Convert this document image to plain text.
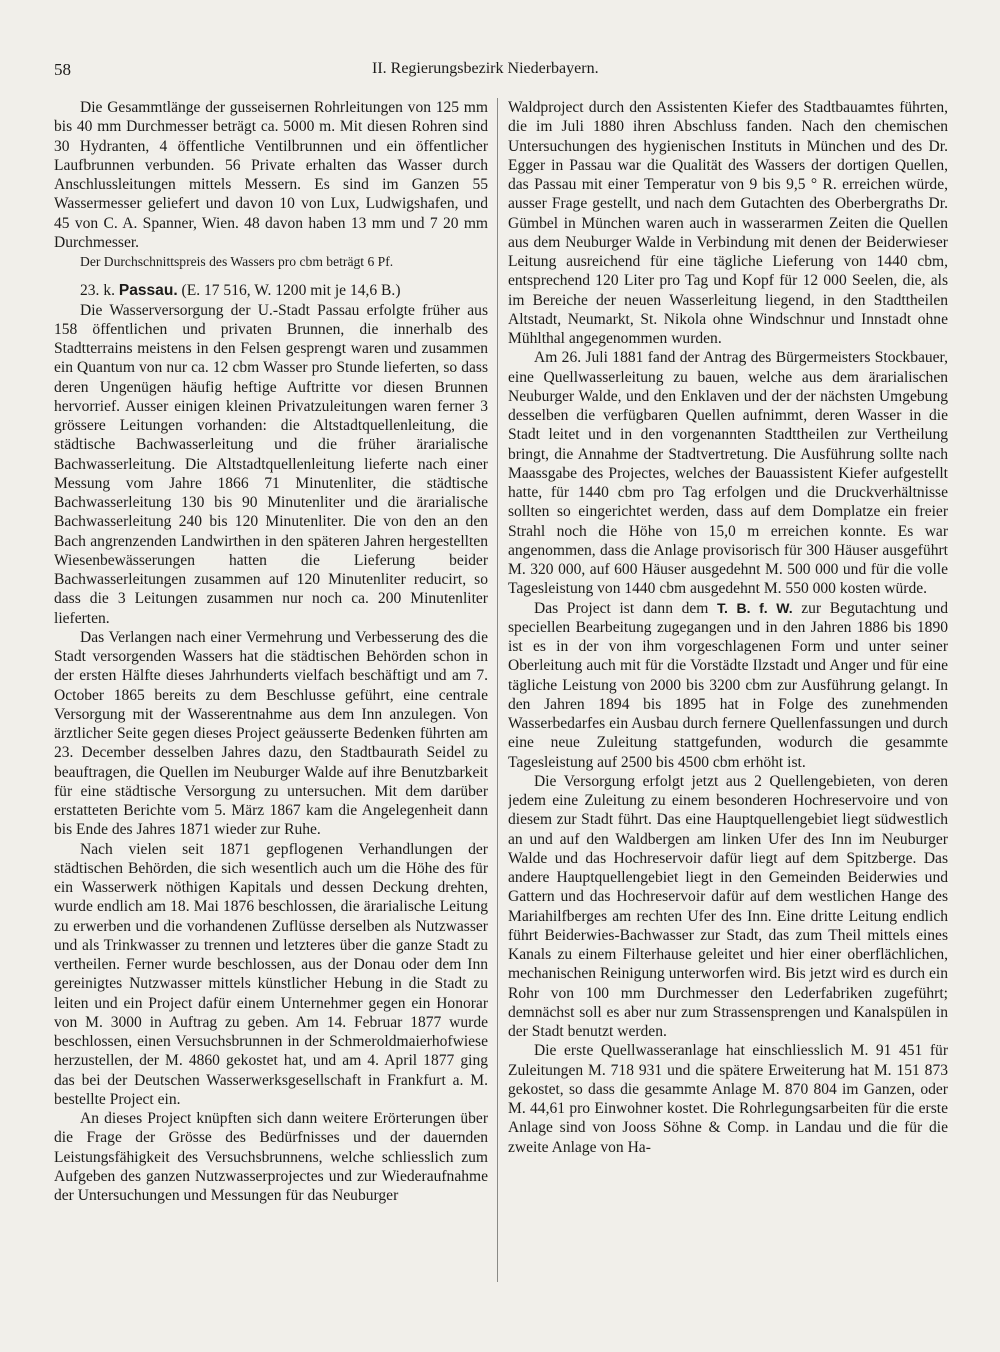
58	II. Regierungsbezirk Niederbayern.

Die Gesammtlänge der gusseisernen Rohrleitungen von 125 mm bis 40 mm Durchmesser beträgt ca. 5000 m. Mit diesen Rohren sind 30 Hydranten, 4 öffentliche Ventilbrunnen und ein öffentlicher Laufbrunnen verbunden. 56 Private erhalten das Wasser durch Anschlussleitungen mittels Messern. Es sind im Ganzen 55 Wassermesser geliefert und davon 10 von Lux, Ludwigshafen, und 45 von C. A. Spanner, Wien. 48 davon haben 13 mm und 7 20 mm Durchmesser.

Der Durchschnittspreis des Wassers pro cbm beträgt 6 Pf.

23. k. Passau. (E. 17 516, W. 1200 mit je 14,6 B.)

Die Wasserversorgung der U.-Stadt Passau erfolgte früher aus 158 öffentlichen und privaten Brunnen, die innerhalb des Stadtterrains meistens in den Felsen gesprengt waren und zusammen ein Quantum von nur ca. 12 cbm Wasser pro Stunde lieferten, so dass deren Ungenügen häufig heftige Auftritte vor diesen Brunnen hervorrief. Ausser einigen kleinen Privatzuleitungen waren ferner 3 grössere Leitungen vorhanden: die Altstadtquellenleitung, die städtische Bachwasserleitung und die früher ärarialische Bachwasserleitung. Die Altstadtquellenleitung lieferte nach einer Messung vom Jahre 1866 71 Minutenliter, die städtische Bachwasserleitung 130 bis 90 Minutenliter und die ärarialische Bachwasserleitung 240 bis 120 Minutenliter. Die von den an den Bach angrenzenden Landwirthen in den späteren Jahren hergestellten Wiesenbewässerungen hatten die Lieferung beider Bachwasserleitungen zusammen auf 120 Minutenliter reducirt, so dass die 3 Leitungen zusammen nur noch ca. 200 Minutenliter lieferten.

Das Verlangen nach einer Vermehrung und Verbesserung des die Stadt versorgenden Wassers hat die städtischen Behörden schon in der ersten Hälfte dieses Jahrhunderts vielfach beschäftigt und am 7. October 1865 bereits zu dem Beschlusse geführt, eine centrale Versorgung mit der Wasserentnahme aus dem Inn anzulegen. Von ärztlicher Seite gegen dieses Project geäusserte Bedenken führten am 23. December desselben Jahres dazu, den Stadtbaurath Seidel zu beauftragen, die Quellen im Neuburger Walde auf ihre Benutzbarkeit für eine städtische Versorgung zu untersuchen. Mit dem darüber erstatteten Berichte vom 5. März 1867 kam die Angelegenheit dann bis Ende des Jahres 1871 wieder zur Ruhe.

Nach vielen seit 1871 gepflogenen Verhandlungen der städtischen Behörden, die sich wesentlich auch um die Höhe des für ein Wasserwerk nöthigen Kapitals und dessen Deckung drehten, wurde endlich am 18. Mai 1876 beschlossen, die ärarialische Leitung zu erwerben und die vorhandenen Zuflüsse derselben als Nutzwasser und als Trinkwasser zu trennen und letzteres über die ganze Stadt zu vertheilen. Ferner wurde beschlossen, aus der Donau oder dem Inn gereinigtes Nutzwasser mittels künstlicher Hebung in die Stadt zu leiten und ein Project dafür einem Unternehmer gegen ein Honorar von M. 3000 in Auftrag zu geben. Am 14. Februar 1877 wurde beschlossen, einen Versuchsbrunnen in der Schmeroldmaierhofwiese herzustellen, der M. 4860 gekostet hat, und am 4. April 1877 ging das bei der Deutschen Wasserwerksgesellschaft in Frankfurt a. M. bestellte Project ein.

An dieses Project knüpften sich dann weitere Erörterungen über die Frage der Grösse des Bedürfnisses und der dauernden Leistungsfähigkeit des Versuchsbrunnens, welche schliesslich zum Aufgeben des ganzen Nutzwasserprojectes und zur Wiederaufnahme der Untersuchungen und Messungen für das Neuburger

Waldproject durch den Assistenten Kiefer des Stadtbauamtes führten, die im Juli 1880 ihren Abschluss fanden. Nach den chemischen Untersuchungen des hygienischen Instituts in München und des Dr. Egger in Passau war die Qualität des Wassers der dortigen Quellen, das Passau mit einer Temperatur von 9 bis 9,5 ° R. erreichen würde, ausser Frage gestellt, und nach dem Gutachten des Oberbergraths Dr. Gümbel in München waren auch in wasserarmen Zeiten die Quellen aus dem Neuburger Walde in Verbindung mit denen der Beiderwieser Leitung ausreichend für eine tägliche Lieferung von 1440 cbm, entsprechend 120 Liter pro Tag und Kopf für 12 000 Seelen, die, als im Bereiche der neuen Wasserleitung liegend, in den Stadttheilen Altstadt, Neumarkt, St. Nikola ohne Windschnur und Innstadt ohne Mühlthal angegenommen wurden.

Am 26. Juli 1881 fand der Antrag des Bürgermeisters Stockbauer, eine Quellwasserleitung zu bauen, welche aus dem ärarialischen Neuburger Walde, und den Enklaven und der der nächsten Umgebung desselben die verfügbaren Quellen aufnimmt, deren Wasser in die Stadt leitet und in den vorgenannten Stadttheilen zur Vertheilung bringt, die Annahme der Stadtvertretung. Die Ausführung sollte nach Maassgabe des Projectes, welches der Bauassistent Kiefer aufgestellt hatte, für 1440 cbm pro Tag erfolgen und die Druckverhältnisse sollten so eingerichtet werden, dass auf dem Domplatze ein freier Strahl noch die Höhe von 15,0 m erreichen konnte. Es war angenommen, dass die Anlage provisorisch für 300 Häuser ausgeführt M. 320 000, auf 600 Häuser ausgedehnt M. 500 000 und für die volle Tagesleistung von 1440 cbm ausgedehnt M. 550 000 kosten würde.

Das Project ist dann dem T. B. f. W. zur Begutachtung und speciellen Bearbeitung zugegangen und in den Jahren 1886 bis 1890 ist es in der von ihm vorgeschlagenen Form und unter seiner Oberleitung auch mit für die Vorstädte Ilzstadt und Anger und für eine tägliche Leistung von 2000 bis 3200 cbm zur Ausführung gelangt. In den Jahren 1894 bis 1895 hat in Folge des zunehmenden Wasserbedarfes ein Ausbau durch fernere Quellenfassungen und durch eine neue Zuleitung stattgefunden, wodurch die gesammte Tagesleistung auf 2500 bis 4500 cbm erhöht ist.

Die Versorgung erfolgt jetzt aus 2 Quellengebieten, von deren jedem eine Zuleitung zu einem besonderen Hochreservoire und von diesem zur Stadt führt. Das eine Hauptquellengebiet liegt südwestlich an und auf den Waldbergen am linken Ufer des Inn im Neuburger Walde und das Hochreservoir dafür liegt auf dem Spitzberge. Das andere Hauptquellengebiet liegt in den Gemeinden Beiderwies und Gattern und das Hochreservoir dafür auf dem westlichen Hange des Mariahilfberges am rechten Ufer des Inn. Eine dritte Leitung endlich führt Beiderwies-Bachwasser zur Stadt, das zum Theil mittels eines Kanals zu einem Filterhause geleitet und hier einer oberflächlichen, mechanischen Reinigung unterworfen wird. Bis jetzt wird es durch ein Rohr von 100 mm Durchmesser den Lederfabriken zugeführt; demnächst soll es aber nur zum Strassensprengen und Kanalspülen in der Stadt benutzt werden.

Die erste Quellwasseranlage hat einschliesslich M. 91 451 für Zuleitungen M. 718 931 und die spätere Erweiterung hat M. 151 873 gekostet, so dass die gesammte Anlage M. 870 804 im Ganzen, oder M. 44,61 pro Einwohner kostet. Die Rohrlegungsarbeiten für die erste Anlage sind von Jooss Söhne & Comp. in Landau und die für die zweite Anlage von Ha-
